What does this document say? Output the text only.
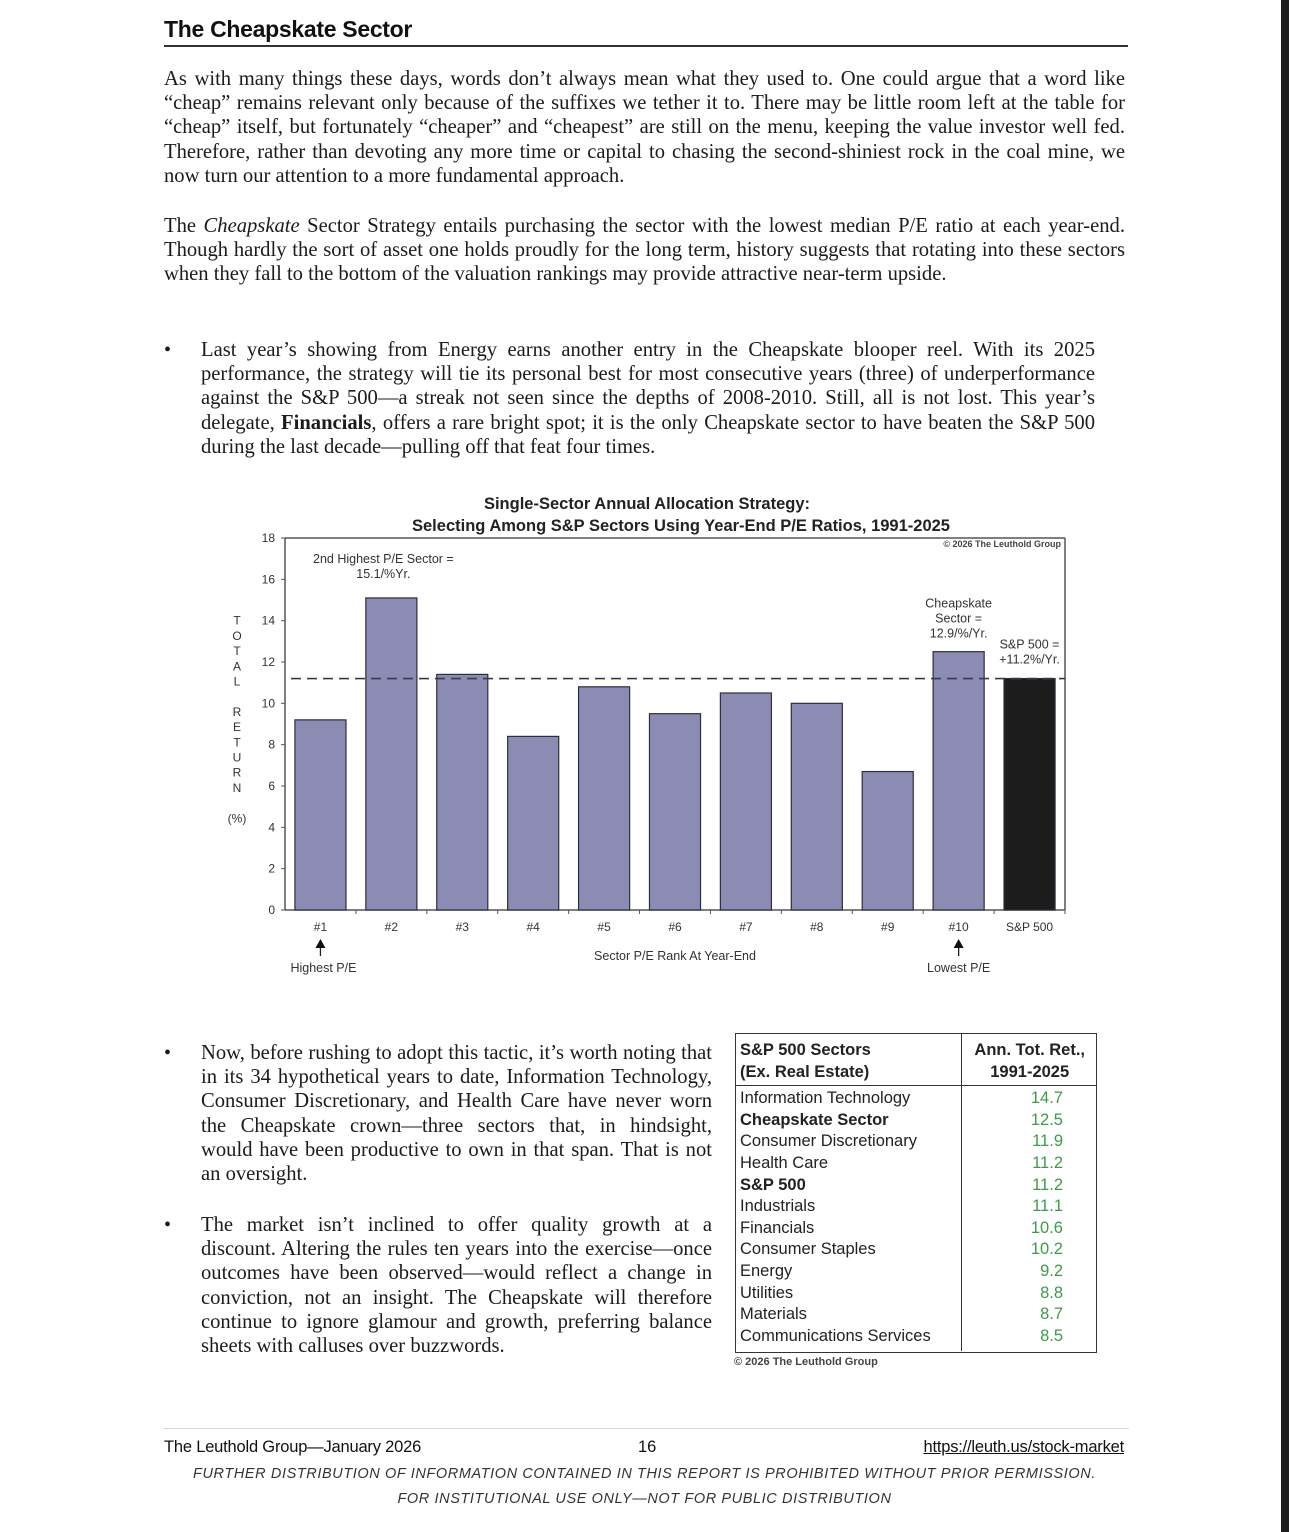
The Cheapskate Sector
As with many things these days, words don’t always mean what they used to. One could argue that a word like “cheap” remains relevant only because of the suffixes we tether it to. There may be little room left at the table for “cheap” itself, but fortunately “cheaper” and “cheapest” are still on the menu, keeping the value investor well fed. Therefore, rather than devoting any more time or capital to chasing the second-shiniest rock in the coal mine, we now turn our attention to a more fundamental approach.
The Cheapskate Sector Strategy entails purchasing the sector with the lowest median P/E ratio at each year-end. Though hardly the sort of asset one holds proudly for the long term, history suggests that rotating into these sectors when they fall to the bottom of the valuation rankings may provide attractive near-term upside.
• Last year’s showing from Energy earns another entry in the Cheapskate blooper reel. With its 2025 performance, the strategy will tie its personal best for most consecutive years (three) of underperformance against the S&P 500—a streak not seen since the depths of 2008-2010. Still, all is not lost. This year’s delegate, Financials, offers a rare bright spot; it is the only Cheapskate sector to have beaten the S&P 500 during the last decade—pulling off that feat four times.
• Now, before rushing to adopt this tactic, it’s worth noting that in its 34 hypothetical years to date, Information Technology, Consumer Discretionary, and Health Care have never worn the Cheapskate crown—three sectors that, in hindsight, would have been productive to own in that span. That is not an oversight.
• The market isn’t inclined to offer quality growth at a discount. Altering the rules ten years into the exercise—once outcomes have been observed—would reflect a change in conviction, not an insight. The Cheapskate will therefore continue to ignore glamour and growth, preferring balance sheets with calluses over buzzwords.
Single-Sector Annual Allocation Strategy:
Selecting Among S&P Sectors Using Year-End P/E Ratios, 1991-2025
© 2026 The Leuthold Group
0
2
4
6
8
10
12
14
16
18
T
O
T
A
L
R
E
T
U
R
N
(%)
#1	#2	#3	#4	#5	#6	#7	#8	#9	#10	S&P 500
Sector P/E Rank At Year-End
2nd Highest P/E Sector =
15.1/%Yr.
Cheapskate
Sector =
12.9/%/Yr.
S&P 500 =
+11.2%/Yr.
Highest P/E	Lowest P/E
S&P 500 Sectors
(Ex. Real Estate)

Ann. Tot. Ret.,
1991-2025

Information Technology	14.7
Cheapskate Sector	12.5
Consumer Discretionary	11.9
Health Care	11.2
S&P 500	11.2
Industrials	11.1
Financials	10.6
Consumer Staples	10.2
Energy	9.2
Utilities	8.8
Materials	8.7
Communications Services	8.5
© 2026 The Leuthold Group
The Leuthold Group—January 2026	16	https://leuth.us/stock-market
FURTHER DISTRIBUTION OF INFORMATION CONTAINED IN THIS REPORT IS PROHIBITED WITHOUT PRIOR PERMISSION.
FOR INSTITUTIONAL USE ONLY—NOT FOR PUBLIC DISTRIBUTION
